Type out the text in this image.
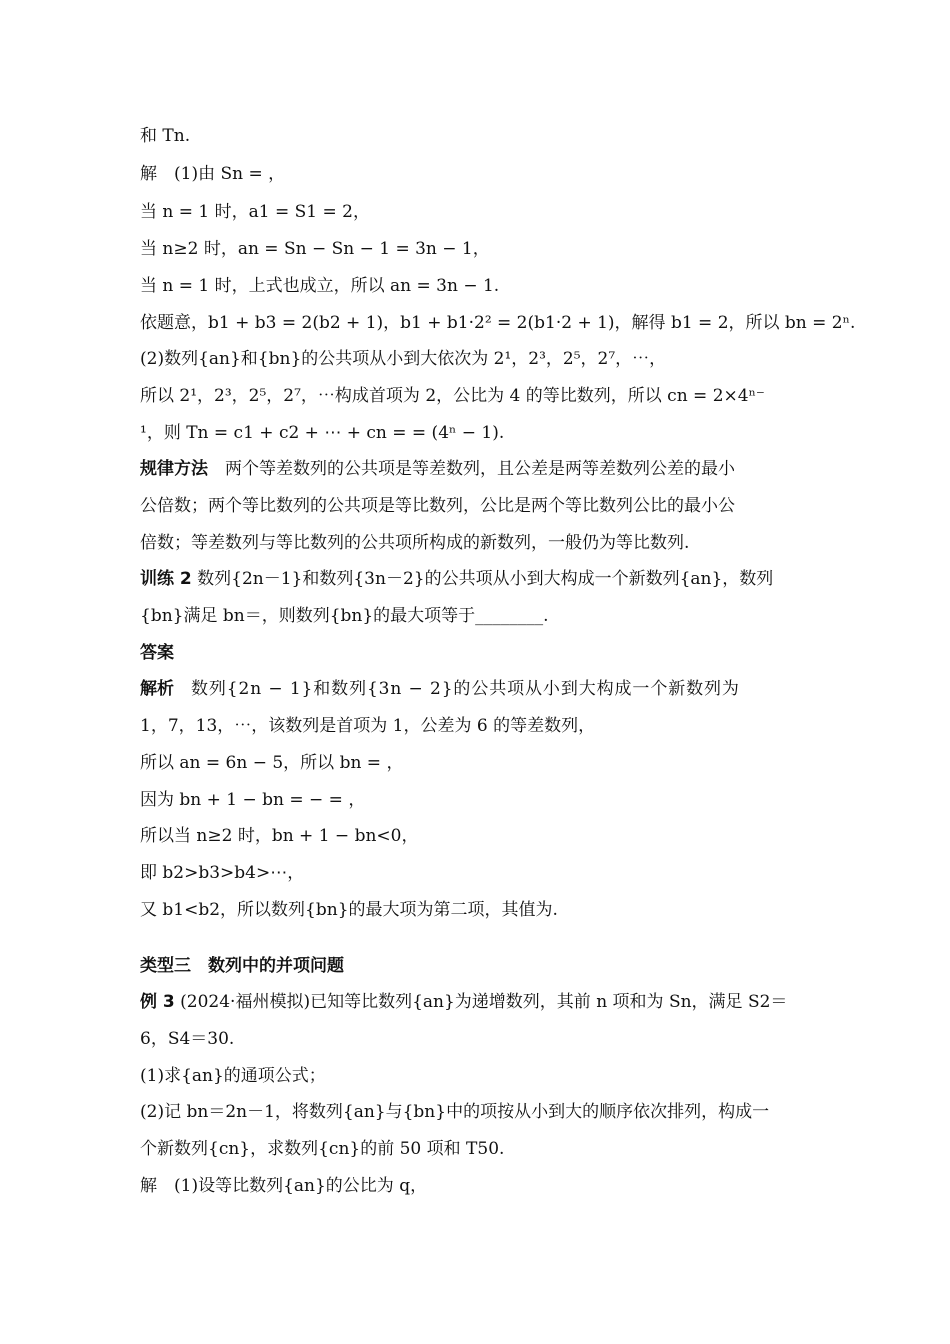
和 Tn.
解　(1)由 Sn = ，
当 n = 1 时，a1 = S1 = 2，
当 n≥2 时，an = Sn − Sn − 1 = 3n − 1，
当 n = 1 时，上式也成立，所以 an = 3n − 1.
依题意，b1 + b3 = 2(b2 + 1)，b1 + b1·2² = 2(b1·2 + 1)，解得 b1 = 2，所以 bn = 2ⁿ.
(2)数列{an}和{bn}的公共项从小到大依次为 2¹，2³，2⁵，2⁷，⋯，
所以 2¹，2³，2⁵，2⁷，⋯构成首项为 2，公比为 4 的等比数列，所以 cn = 2×4ⁿ⁻
¹，则 Tn = c1 + c2 + ⋯ + cn = = (4ⁿ − 1).
规律方法　 两个等差数列的公共项是等差数列，且公差是两等差数列公差的最小
公倍数；两个等比数列的公共项是等比数列，公比是两个等比数列公比的最小公
倍数；等差数列与等比数列的公共项所构成的新数列，一般仍为等比数列.
训练 2 数列{2n－1}和数列{3n－2}的公共项从小到大构成一个新数列{an}，数列
{bn}满足 bn＝，则数列{bn}的最大项等于________.
答案
解析　 数列{2n − 1}和数列{3n − 2}的公共项从小到大构成一个新数列为
1，7，13，⋯，该数列是首项为 1，公差为 6 的等差数列，
所以 an = 6n − 5，所以 bn = ，
因为 bn + 1 − bn = − = ，
所以当 n≥2 时，bn + 1 − bn<0，
即 b2>b3>b4>⋯，
又 b1<b2，所以数列{bn}的最大项为第二项，其值为.
类型三　数列中的并项问题
例 3 (2024·福州模拟)已知等比数列{an}为递增数列，其前 n 项和为 Sn，满足 S2＝
6，S4＝30.
(1)求{an}的通项公式；
(2)记 bn＝2n－1，将数列{an}与{bn}中的项按从小到大的顺序依次排列，构成一
个新数列{cn}，求数列{cn}的前 50 项和 T50.
解　(1)设等比数列{an}的公比为 q，
